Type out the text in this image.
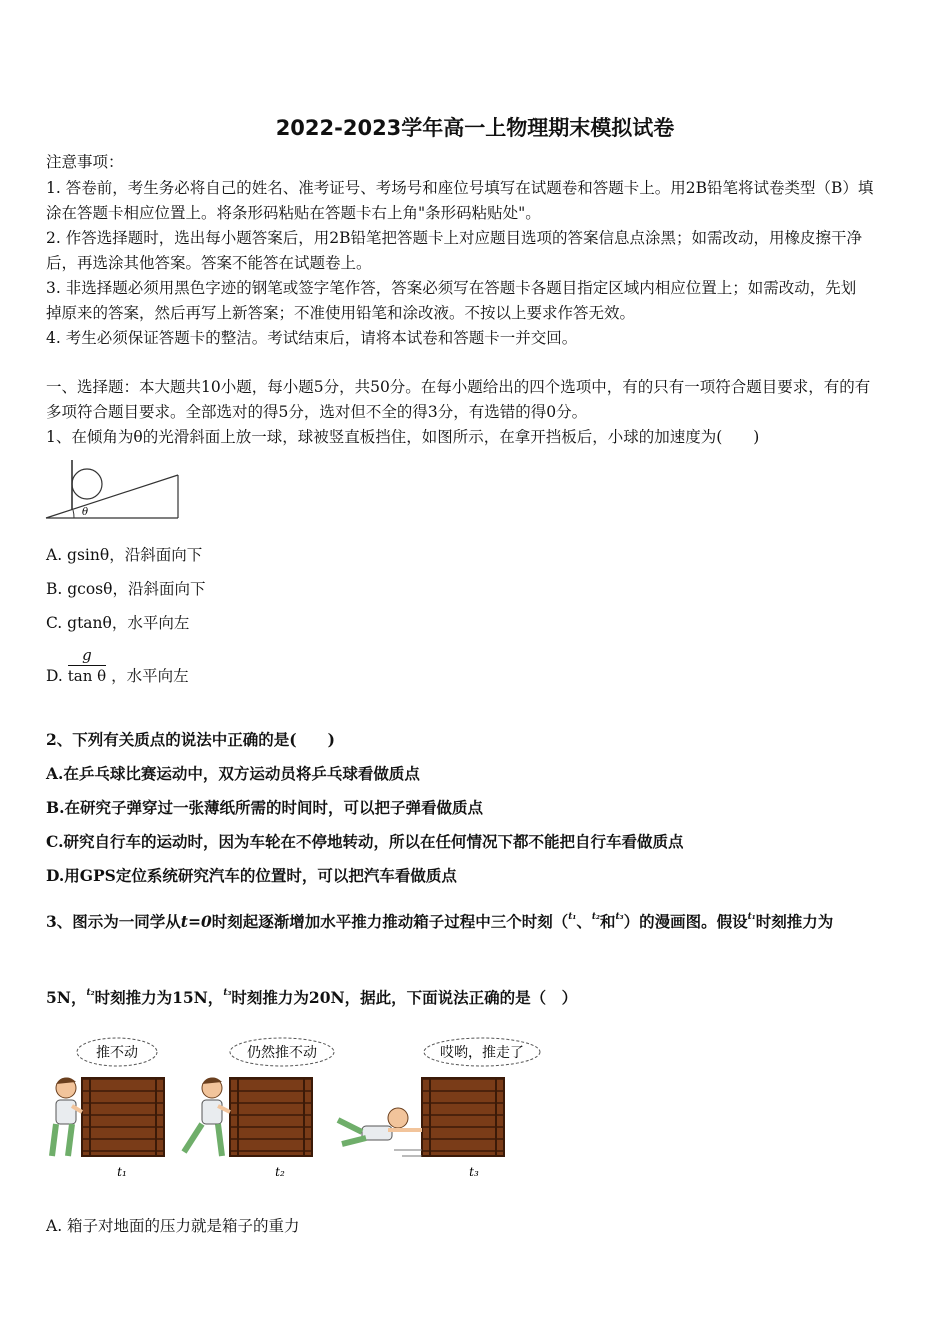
2022-2023学年高一上物理期末模拟试卷
注意事项：
1. 答卷前，考生务必将自己的姓名、准考证号、考场号和座位号填写在试题卷和答题卡上。用2B铅笔将试卷类型（B）填
涂在答题卡相应位置上。将条形码粘贴在答题卡右上角"条形码粘贴处"。
2. 作答选择题时，选出每小题答案后，用2B铅笔把答题卡上对应题目选项的答案信息点涂黑；如需改动，用橡皮擦干净
后，再选涂其他答案。答案不能答在试题卷上。
3. 非选择题必须用黑色字迹的钢笔或签字笔作答，答案必须写在答题卡各题目指定区域内相应位置上；如需改动，先划
掉原来的答案，然后再写上新答案；不准使用铅笔和涂改液。不按以上要求作答无效。
4. 考生必须保证答题卡的整洁。考试结束后，请将本试卷和答题卡一并交回。
一、选择题：本大题共10小题，每小题5分，共50分。在每小题给出的四个选项中，有的只有一项符合题目要求，有的有
多项符合题目要求。全部选对的得5分，选对但不全的得3分，有选错的得0分。
1、在倾角为θ的光滑斜面上放一球，球被竖直板挡住，如图所示，在拿开挡板后，小球的加速度为(　　)
θ
A. gsinθ，沿斜面向下
B. gcosθ，沿斜面向下
C. gtanθ，水平向左
D. $\frac{g}{\text{tan θ}}$ ，水平向左
2、下列有关质点的说法中正确的是(　　)
A.在乒乓球比赛运动中，双方运动员将乒乓球看做质点
B.在研究子弹穿过一张薄纸所需的时间时，可以把子弹看做质点
C.研究自行车的运动时，因为车轮在不停地转动，所以在任何情况下都不能把自行车看做质点
D.用GPS定位系统研究汽车的位置时，可以把汽车看做质点
3、图示为一同学从t=0时刻起逐渐增加水平推力推动箱子过程中三个时刻（$^{t_1}$、$^{t_2}$和$^{t_3}$）的漫画图。假设$^{t_1}$时刻推力为
5N，$^{t_2}$时刻推力为15N，$^{t_3}$时刻推力为20N，据此，下面说法正确的是（　）
推不动	仍然推不动	哎哟，推走了
t₁	t₂	t₃
A. 箱子对地面的压力就是箱子的重力
